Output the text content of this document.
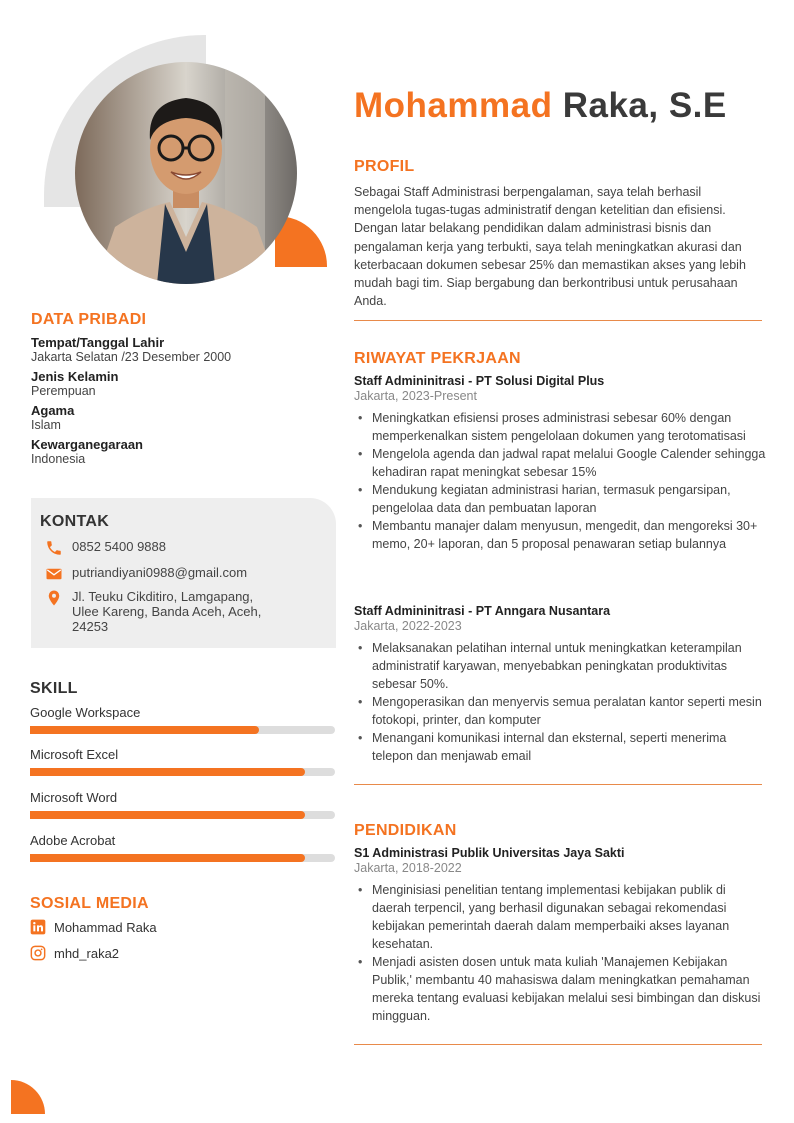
Mohammad Raka, S.E
PROFIL
Sebagai Staff Administrasi berpengalaman, saya telah berhasil mengelola tugas-tugas administratif dengan ketelitian dan efisiensi. Dengan latar belakang pendidikan dalam administrasi bisnis dan pengalaman kerja yang terbukti, saya telah meningkatkan akurasi dan keterbacaan dokumen sebesar 25% dan memastikan akses yang lebih mudah bagi tim. Siap bergabung dan berkontribusi untuk perusahaan Anda.
DATA PRIBADI
Tempat/Tanggal Lahir
Jakarta Selatan /23 Desember 2000
Jenis Kelamin
Perempuan
Agama
Islam
Kewarganegaraan
Indonesia
KONTAK
0852 5400 9888
putriandiyani0988@gmail.com
Jl. Teuku Cikditiro, Lamgapang, Ulee Kareng, Banda Aceh, Aceh, 24253
SKILL
Google Workspace
Microsoft Excel
Microsoft Word
Adobe Acrobat
SOSIAL MEDIA
Mohammad Raka
mhd_raka2
RIWAYAT PEKRJAAN
Staff Admininitrasi - PT Solusi Digital Plus
Jakarta, 2023-Present
• Meningkatkan efisiensi proses administrasi sebesar 60% dengan memperkenalkan sistem pengelolaan dokumen yang terotomatisasi
• Mengelola agenda dan jadwal rapat melalui Google Calender sehingga kehadiran rapat meningkat sebesar 15%
• Mendukung kegiatan administrasi harian, termasuk pengarsipan, pengelolaa data dan pembuatan laporan
• Membantu manajer dalam menyusun, mengedit, dan mengoreksi 30+ memo, 20+ laporan, dan 5 proposal penawaran setiap bulannya
Staff Admininitrasi - PT Anngara Nusantara
Jakarta, 2022-2023
• Melaksanakan pelatihan internal untuk meningkatkan keterampilan administratif karyawan, menyebabkan peningkatan produktivitas sebesar 50%.
• Mengoperasikan dan menyervis semua peralatan kantor seperti mesin fotokopi, printer, dan komputer
• Menangani komunikasi internal dan eksternal, seperti menerima telepon dan menjawab email
PENDIDIKAN
S1 Administrasi Publik Universitas Jaya Sakti
Jakarta, 2018-2022
• Menginisiasi penelitian tentang implementasi kebijakan publik di daerah terpencil, yang berhasil digunakan sebagai rekomendasi kebijakan pemerintah daerah dalam memperbaiki akses layanan kesehatan.
• Menjadi asisten dosen untuk mata kuliah 'Manajemen Kebijakan Publik,' membantu 40 mahasiswa dalam meningkatkan pemahaman mereka tentang evaluasi kebijakan melalui sesi bimbingan dan diskusi mingguan.
